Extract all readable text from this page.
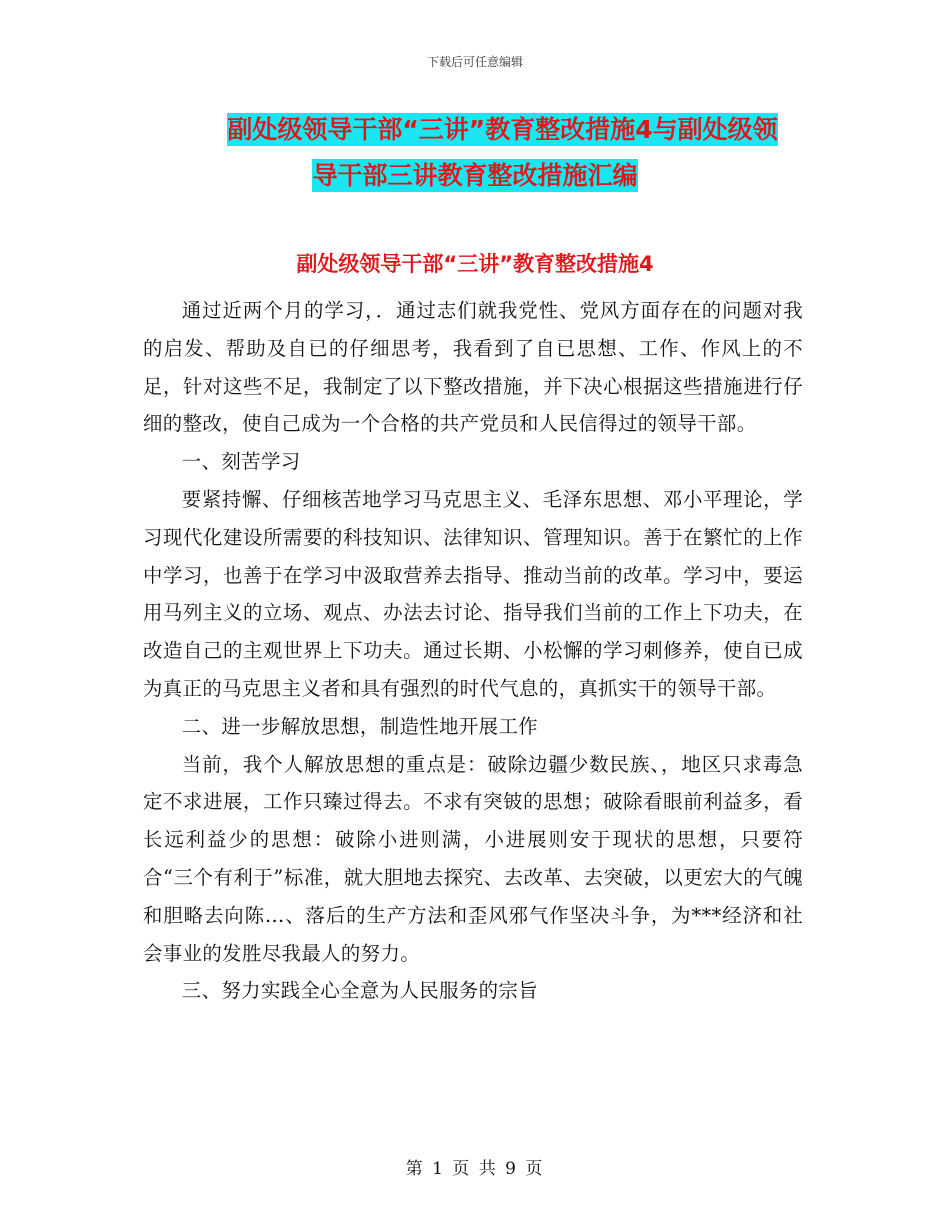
下载后可任意编辑
副处级领导干部“三讲”教育整改措施4与副处级领
导干部三讲教育整改措施汇编
副处级领导干部“三讲”教育整改措施4

通过近两个月的学习，．通过志们就我党性、党风方面存在的问题对我的启发、帮助及自已的仔细思考，我看到了自已思想、工作、作风上的不足，针对这些不足，我制定了以下整改措施，并下决心根据这些措施进行仔细的整改，使自己成为一个合格的共产党员和人民信得过的领导干部。

一、刻苦学习

要紧持懈、仔细核苦地学习马克思主义、毛泽东思想、邓小平理论，学习现代化建设所需要的科技知识、法律知识、管理知识。善于在繁忙的上作中学习，也善于在学习中汲取营养去指导、推动当前的改革。学习中，要运用马列主义的立场、观点、办法去讨论、指导我们当前的工作上下功夫，在改造自己的主观世界上下功夫。通过长期、小松懈的学习刺修养，使自已成为真正的马克思主义者和具有强烈的时代气息的，真抓实干的领导干部。

二、进一步解放思想，制造性地开展工作

当前，我个人解放思想的重点是：破除边疆少数民族、，地区只求毒急定不求进展，工作只臻过得去。不求有突铍的思想；破除看眼前利益多，看长远利益少的思想：破除小进则满，小进展则安于现状的思想，只要符合“三个有利于”标准，就大胆地去探究、去改革、去突破，以更宏大的气魄和胆略去向陈…、落后的生产方法和歪风邪气作坚决斗争，为***经济和社会事业的发胜尽我最人的努力。

三、努力实践全心全意为人民服务的宗旨

第 1 页 共 9 页
